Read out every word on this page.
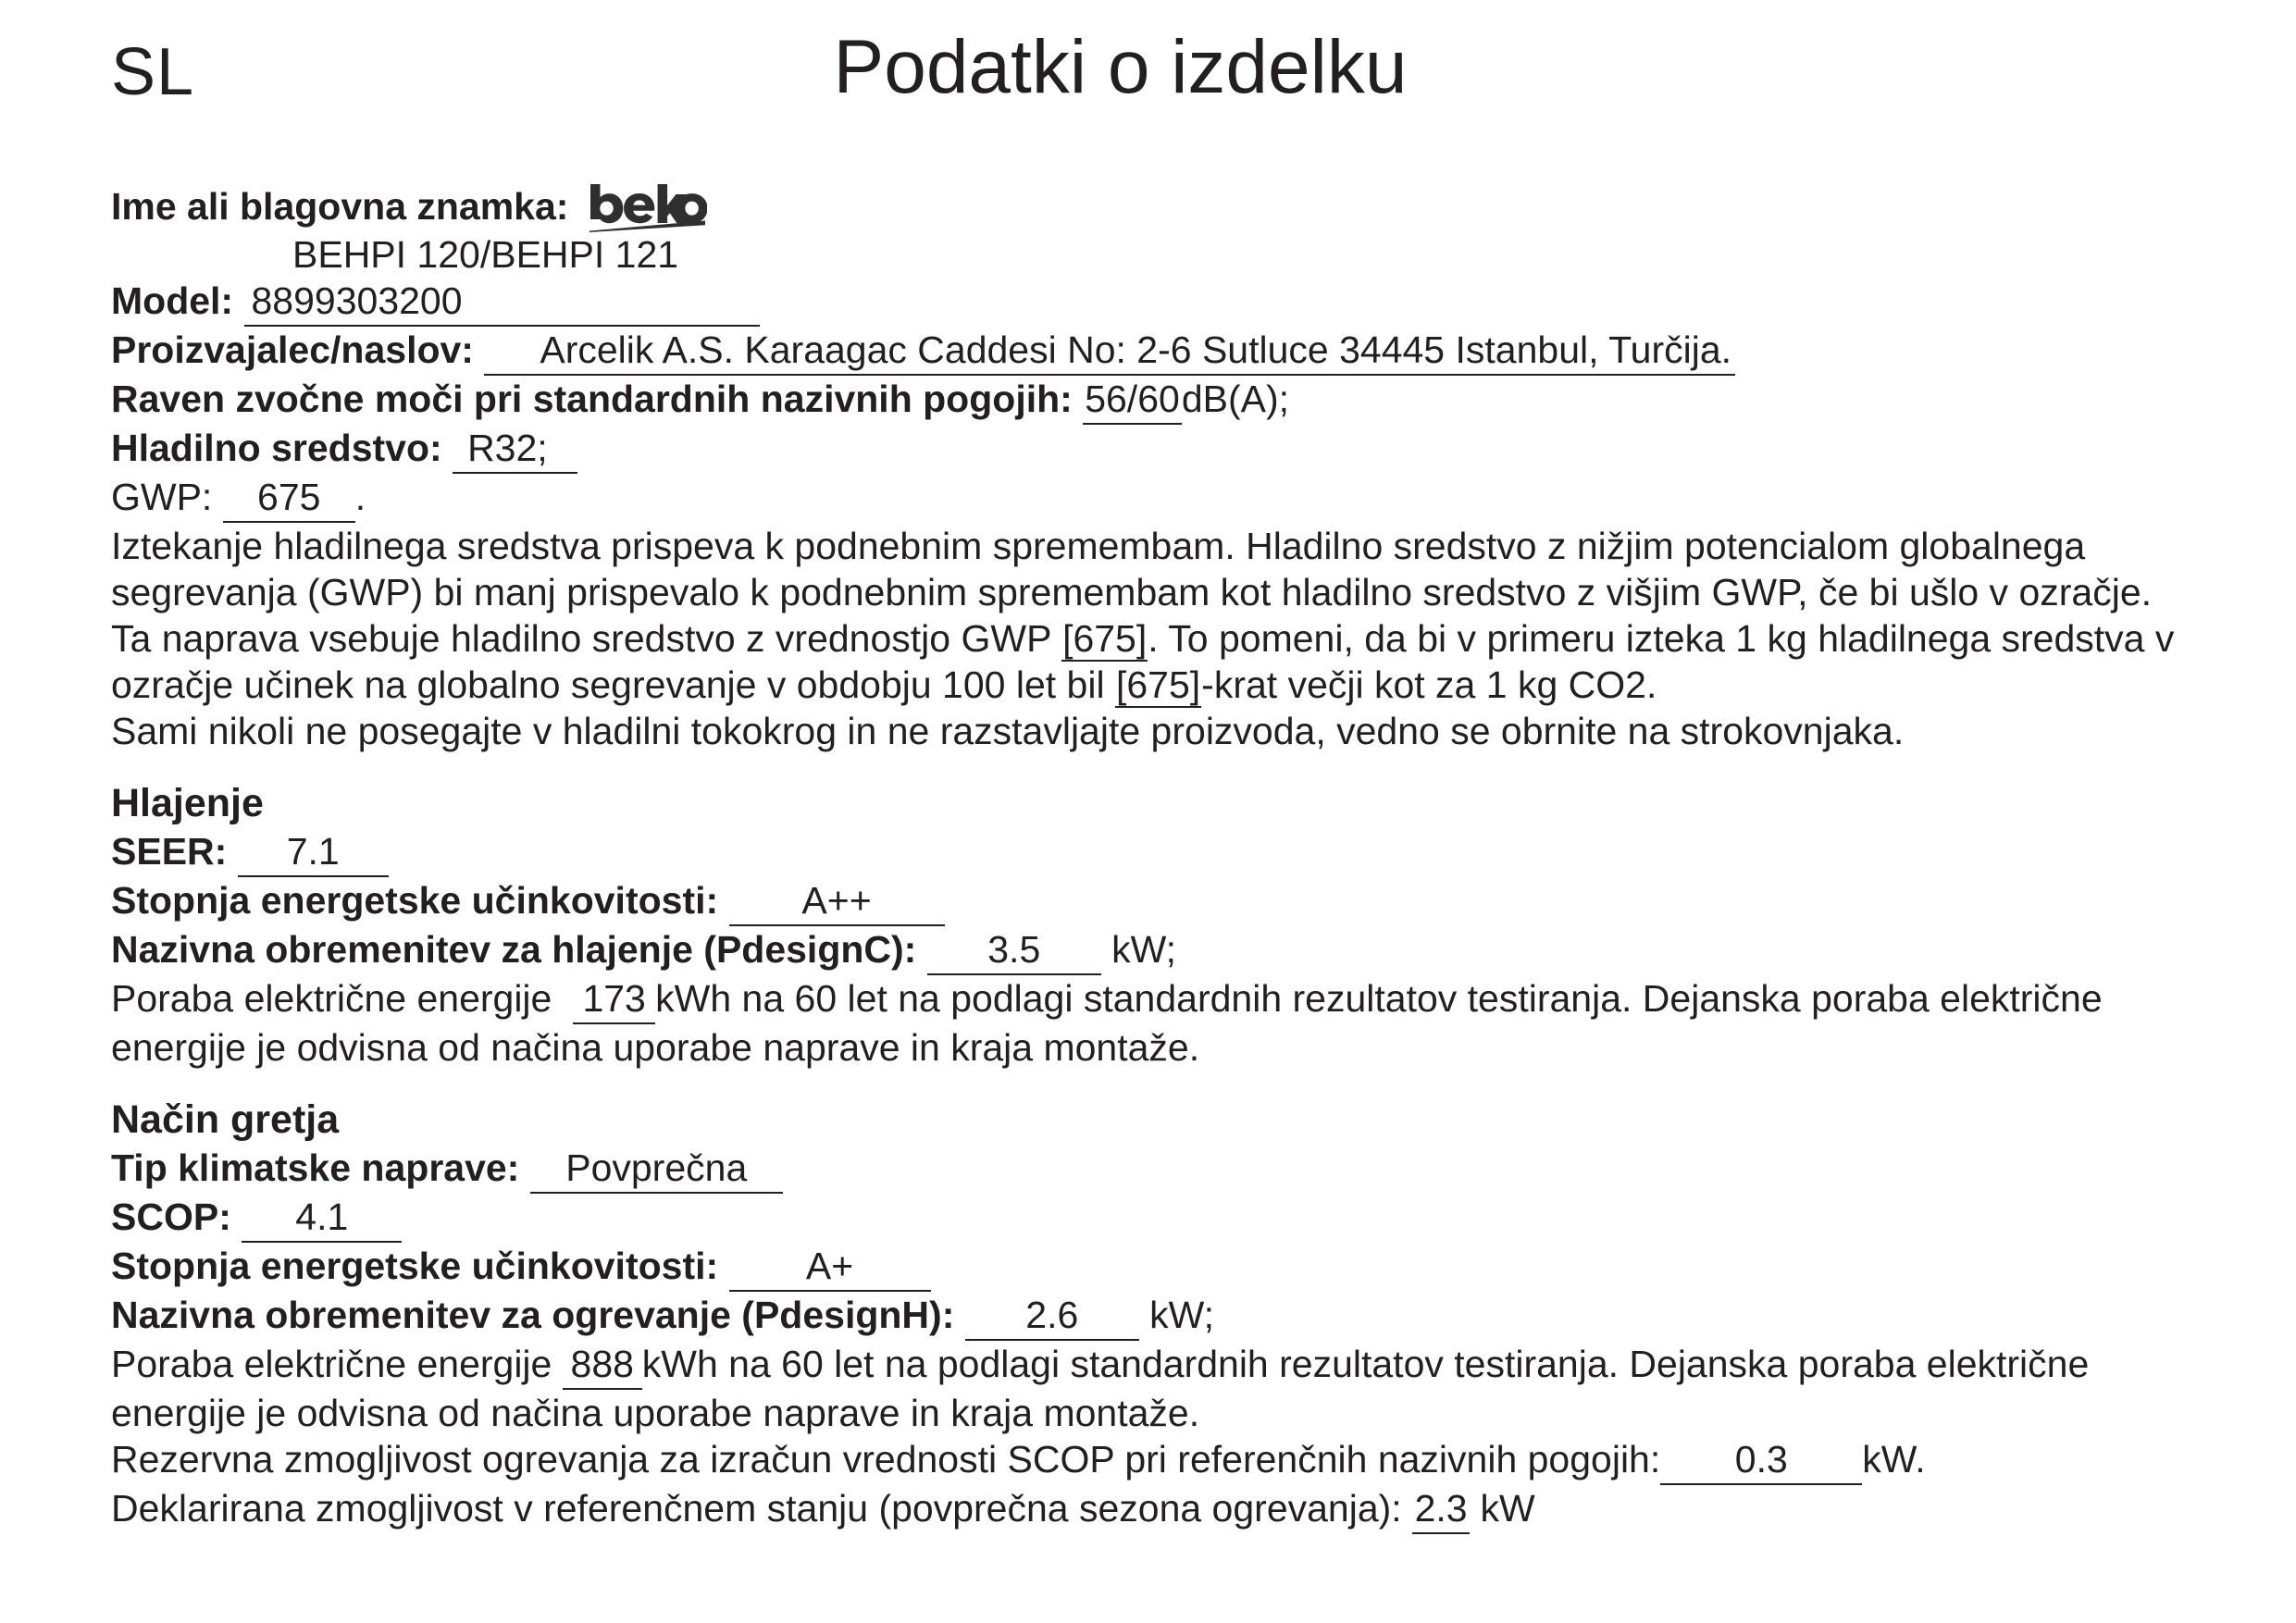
SL	Podatki o izdelku
Ime ali blagovna znamka:
BEHPI 120/BEHPI 121
Model: 8899303200
Proizvajalec/naslov: Arcelik A.S. Karaagac Caddesi No: 2-6 Sutluce 34445 Istanbul, Turčija.
Raven zvočne moči pri standardnih nazivnih pogojih: 56/60dB(A);
Hladilno sredstvo: R32;
GWP: 675 .
Iztekanje hladilnega sredstva prispeva k podnebnim spremembam. Hladilno sredstvo z nižjim potencialom globalnega segrevanja (GWP) bi manj prispevalo k podnebnim spremembam kot hladilno sredstvo z višjim GWP, če bi ušlo v ozračje.
Ta naprava vsebuje hladilno sredstvo z vrednostjo GWP [675]. To pomeni, da bi v primeru izteka 1 kg hladilnega sredstva v ozračje učinek na globalno segrevanje v obdobju 100 let bil [675]-krat večji kot za 1 kg CO2.
Sami nikoli ne posegajte v hladilni tokokrog in ne razstavljajte proizvoda, vedno se obrnite na strokovnjaka.
Hlajenje
SEER: 7.1
Stopnja energetske učinkovitosti: A++
Nazivna obremenitev za hlajenje (PdesignC): 3.5 kW;
Poraba električne energije 173 kWh na 60 let na podlagi standardnih rezultatov testiranja. Dejanska poraba električne energije je odvisna od načina uporabe naprave in kraja montaže.
Način gretja
Tip klimatske naprave: Povprečna
SCOP: 4.1
Stopnja energetske učinkovitosti: A+
Nazivna obremenitev za ogrevanje (PdesignH): 2.6 kW;
Poraba električne energije 888 kWh na 60 let na podlagi standardnih rezultatov testiranja. Dejanska poraba električne energije je odvisna od načina uporabe naprave in kraja montaže.
Rezervna zmogljivost ogrevanja za izračun vrednosti SCOP pri referenčnih nazivnih pogojih: 0.3 kW.
Deklarirana zmogljivost v referenčnem stanju (povprečna sezona ogrevanja): 2.3 kW
